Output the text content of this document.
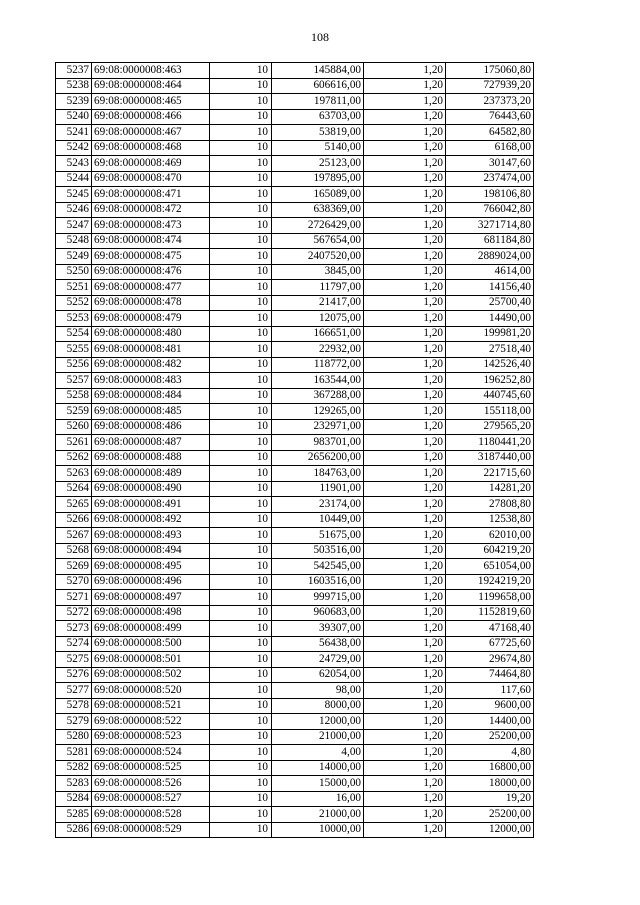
108
5237	69:08:0000008:463	10	145884,00	1,20	175060,80
5238	69:08:0000008:464	10	606616,00	1,20	727939,20
5239	69:08:0000008:465	10	197811,00	1,20	237373,20
5240	69:08:0000008:466	10	63703,00	1,20	76443,60
5241	69:08:0000008:467	10	53819,00	1,20	64582,80
5242	69:08:0000008:468	10	5140,00	1,20	6168,00
5243	69:08:0000008:469	10	25123,00	1,20	30147,60
5244	69:08:0000008:470	10	197895,00	1,20	237474,00
5245	69:08:0000008:471	10	165089,00	1,20	198106,80
5246	69:08:0000008:472	10	638369,00	1,20	766042,80
5247	69:08:0000008:473	10	2726429,00	1,20	3271714,80
5248	69:08:0000008:474	10	567654,00	1,20	681184,80
5249	69:08:0000008:475	10	2407520,00	1,20	2889024,00
5250	69:08:0000008:476	10	3845,00	1,20	4614,00
5251	69:08:0000008:477	10	11797,00	1,20	14156,40
5252	69:08:0000008:478	10	21417,00	1,20	25700,40
5253	69:08:0000008:479	10	12075,00	1,20	14490,00
5254	69:08:0000008:480	10	166651,00	1,20	199981,20
5255	69:08:0000008:481	10	22932,00	1,20	27518,40
5256	69:08:0000008:482	10	118772,00	1,20	142526,40
5257	69:08:0000008:483	10	163544,00	1,20	196252,80
5258	69:08:0000008:484	10	367288,00	1,20	440745,60
5259	69:08:0000008:485	10	129265,00	1,20	155118,00
5260	69:08:0000008:486	10	232971,00	1,20	279565,20
5261	69:08:0000008:487	10	983701,00	1,20	1180441,20
5262	69:08:0000008:488	10	2656200,00	1,20	3187440,00
5263	69:08:0000008:489	10	184763,00	1,20	221715,60
5264	69:08:0000008:490	10	11901,00	1,20	14281,20
5265	69:08:0000008:491	10	23174,00	1,20	27808,80
5266	69:08:0000008:492	10	10449,00	1,20	12538,80
5267	69:08:0000008:493	10	51675,00	1,20	62010,00
5268	69:08:0000008:494	10	503516,00	1,20	604219,20
5269	69:08:0000008:495	10	542545,00	1,20	651054,00
5270	69:08:0000008:496	10	1603516,00	1,20	1924219,20
5271	69:08:0000008:497	10	999715,00	1,20	1199658,00
5272	69:08:0000008:498	10	960683,00	1,20	1152819,60
5273	69:08:0000008:499	10	39307,00	1,20	47168,40
5274	69:08:0000008:500	10	56438,00	1,20	67725,60
5275	69:08:0000008:501	10	24729,00	1,20	29674,80
5276	69:08:0000008:502	10	62054,00	1,20	74464,80
5277	69:08:0000008:520	10	98,00	1,20	117,60
5278	69:08:0000008:521	10	8000,00	1,20	9600,00
5279	69:08:0000008:522	10	12000,00	1,20	14400,00
5280	69:08:0000008:523	10	21000,00	1,20	25200,00
5281	69:08:0000008:524	10	4,00	1,20	4,80
5282	69:08:0000008:525	10	14000,00	1,20	16800,00
5283	69:08:0000008:526	10	15000,00	1,20	18000,00
5284	69:08:0000008:527	10	16,00	1,20	19,20
5285	69:08:0000008:528	10	21000,00	1,20	25200,00
5286	69:08:0000008:529	10	10000,00	1,20	12000,00
